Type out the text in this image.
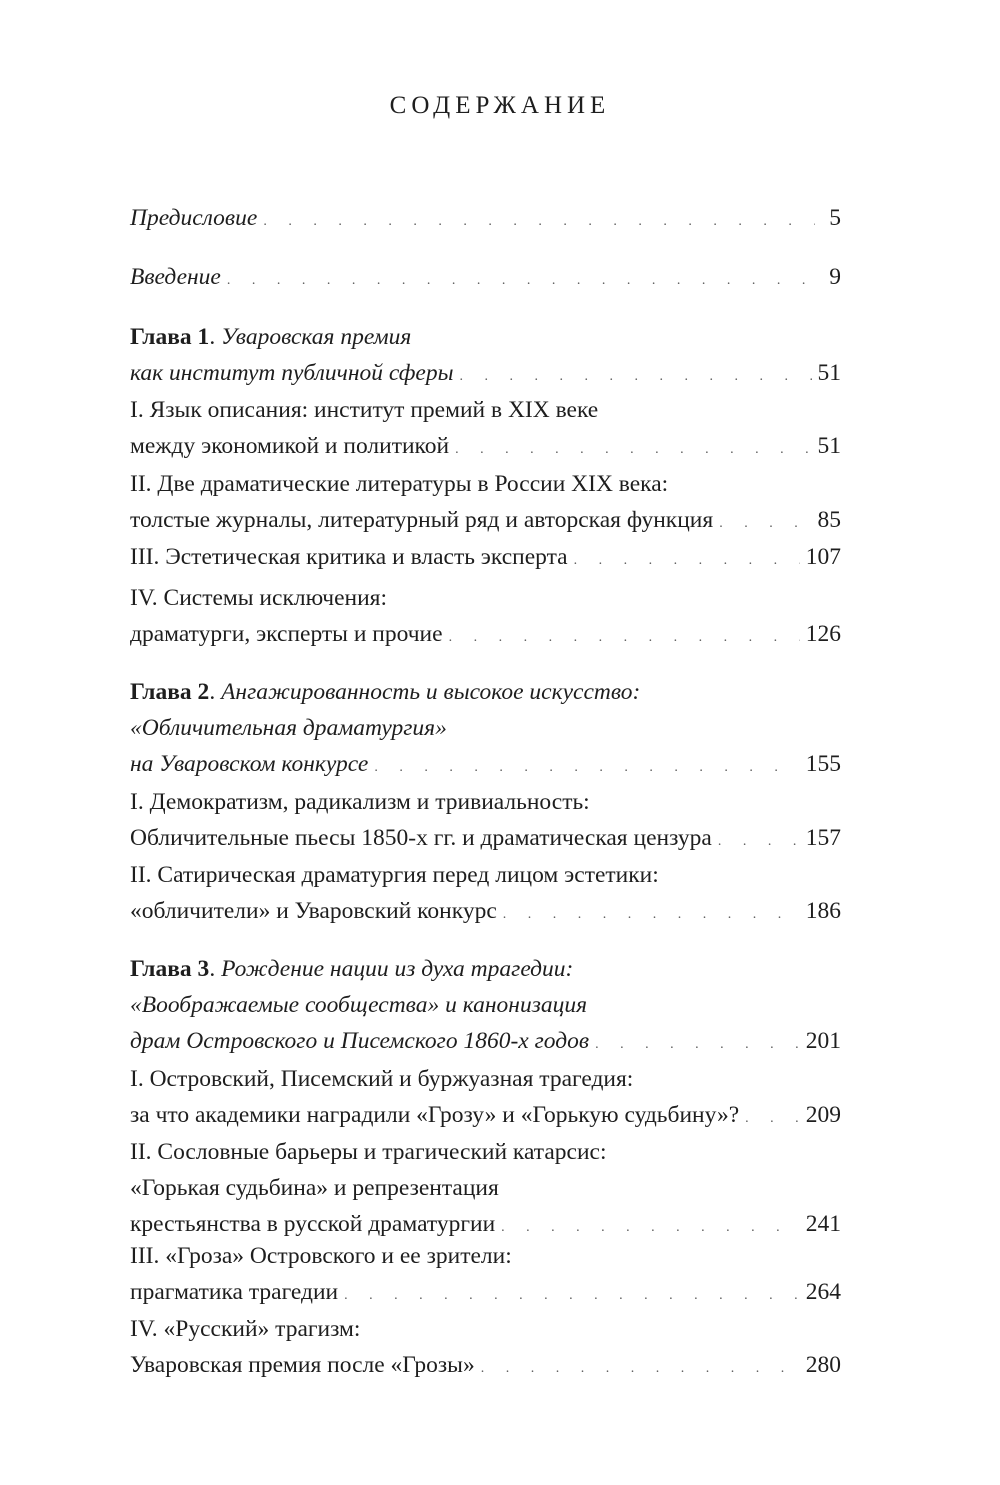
СОДЕРЖАНИЕ
Предисловие . . .	5
Введение . . .	9
Глава 1. Уваровская премия
как институт публичной сферы . . .	51
I. Язык описания: институт премий в XIX веке
между экономикой и политикой . . .	51
II. Две драматические литературы в России XIX века:
толстые журналы, литературный ряд и авторская функция . . .	85
III. Эстетическая критика и власть эксперта . . .	107
IV. Системы исключения:
драматурги, эксперты и прочие . . .	126
Глава 2. Ангажированность и высокое искусство:
«Обличительная драматургия»
на Уваровском конкурсе . . .	155
I. Демократизм, радикализм и тривиальность:
Обличительные пьесы 1850-х гг. и драматическая цензура . . .	157
II. Сатирическая драматургия перед лицом эстетики:
«обличители» и Уваровский конкурс . . .	186
Глава 3. Рождение нации из духа трагедии:
«Воображаемые сообщества» и канонизация
драм Островского и Писемского 1860-х годов . . .	201
I. Островский, Писемский и буржуазная трагедия:
за что академики наградили «Грозу» и «Горькую судьбину»? . . .	209
II. Сословные барьеры и трагический катарсис:
«Горькая судьбина» и репрезентация
крестьянства в русской драматургии . . .	241
III. «Гроза» Островского и ее зрители:
прагматика трагедии . . .	264
IV. «Русский» трагизм:
Уваровская премия после «Грозы» . . .	280
